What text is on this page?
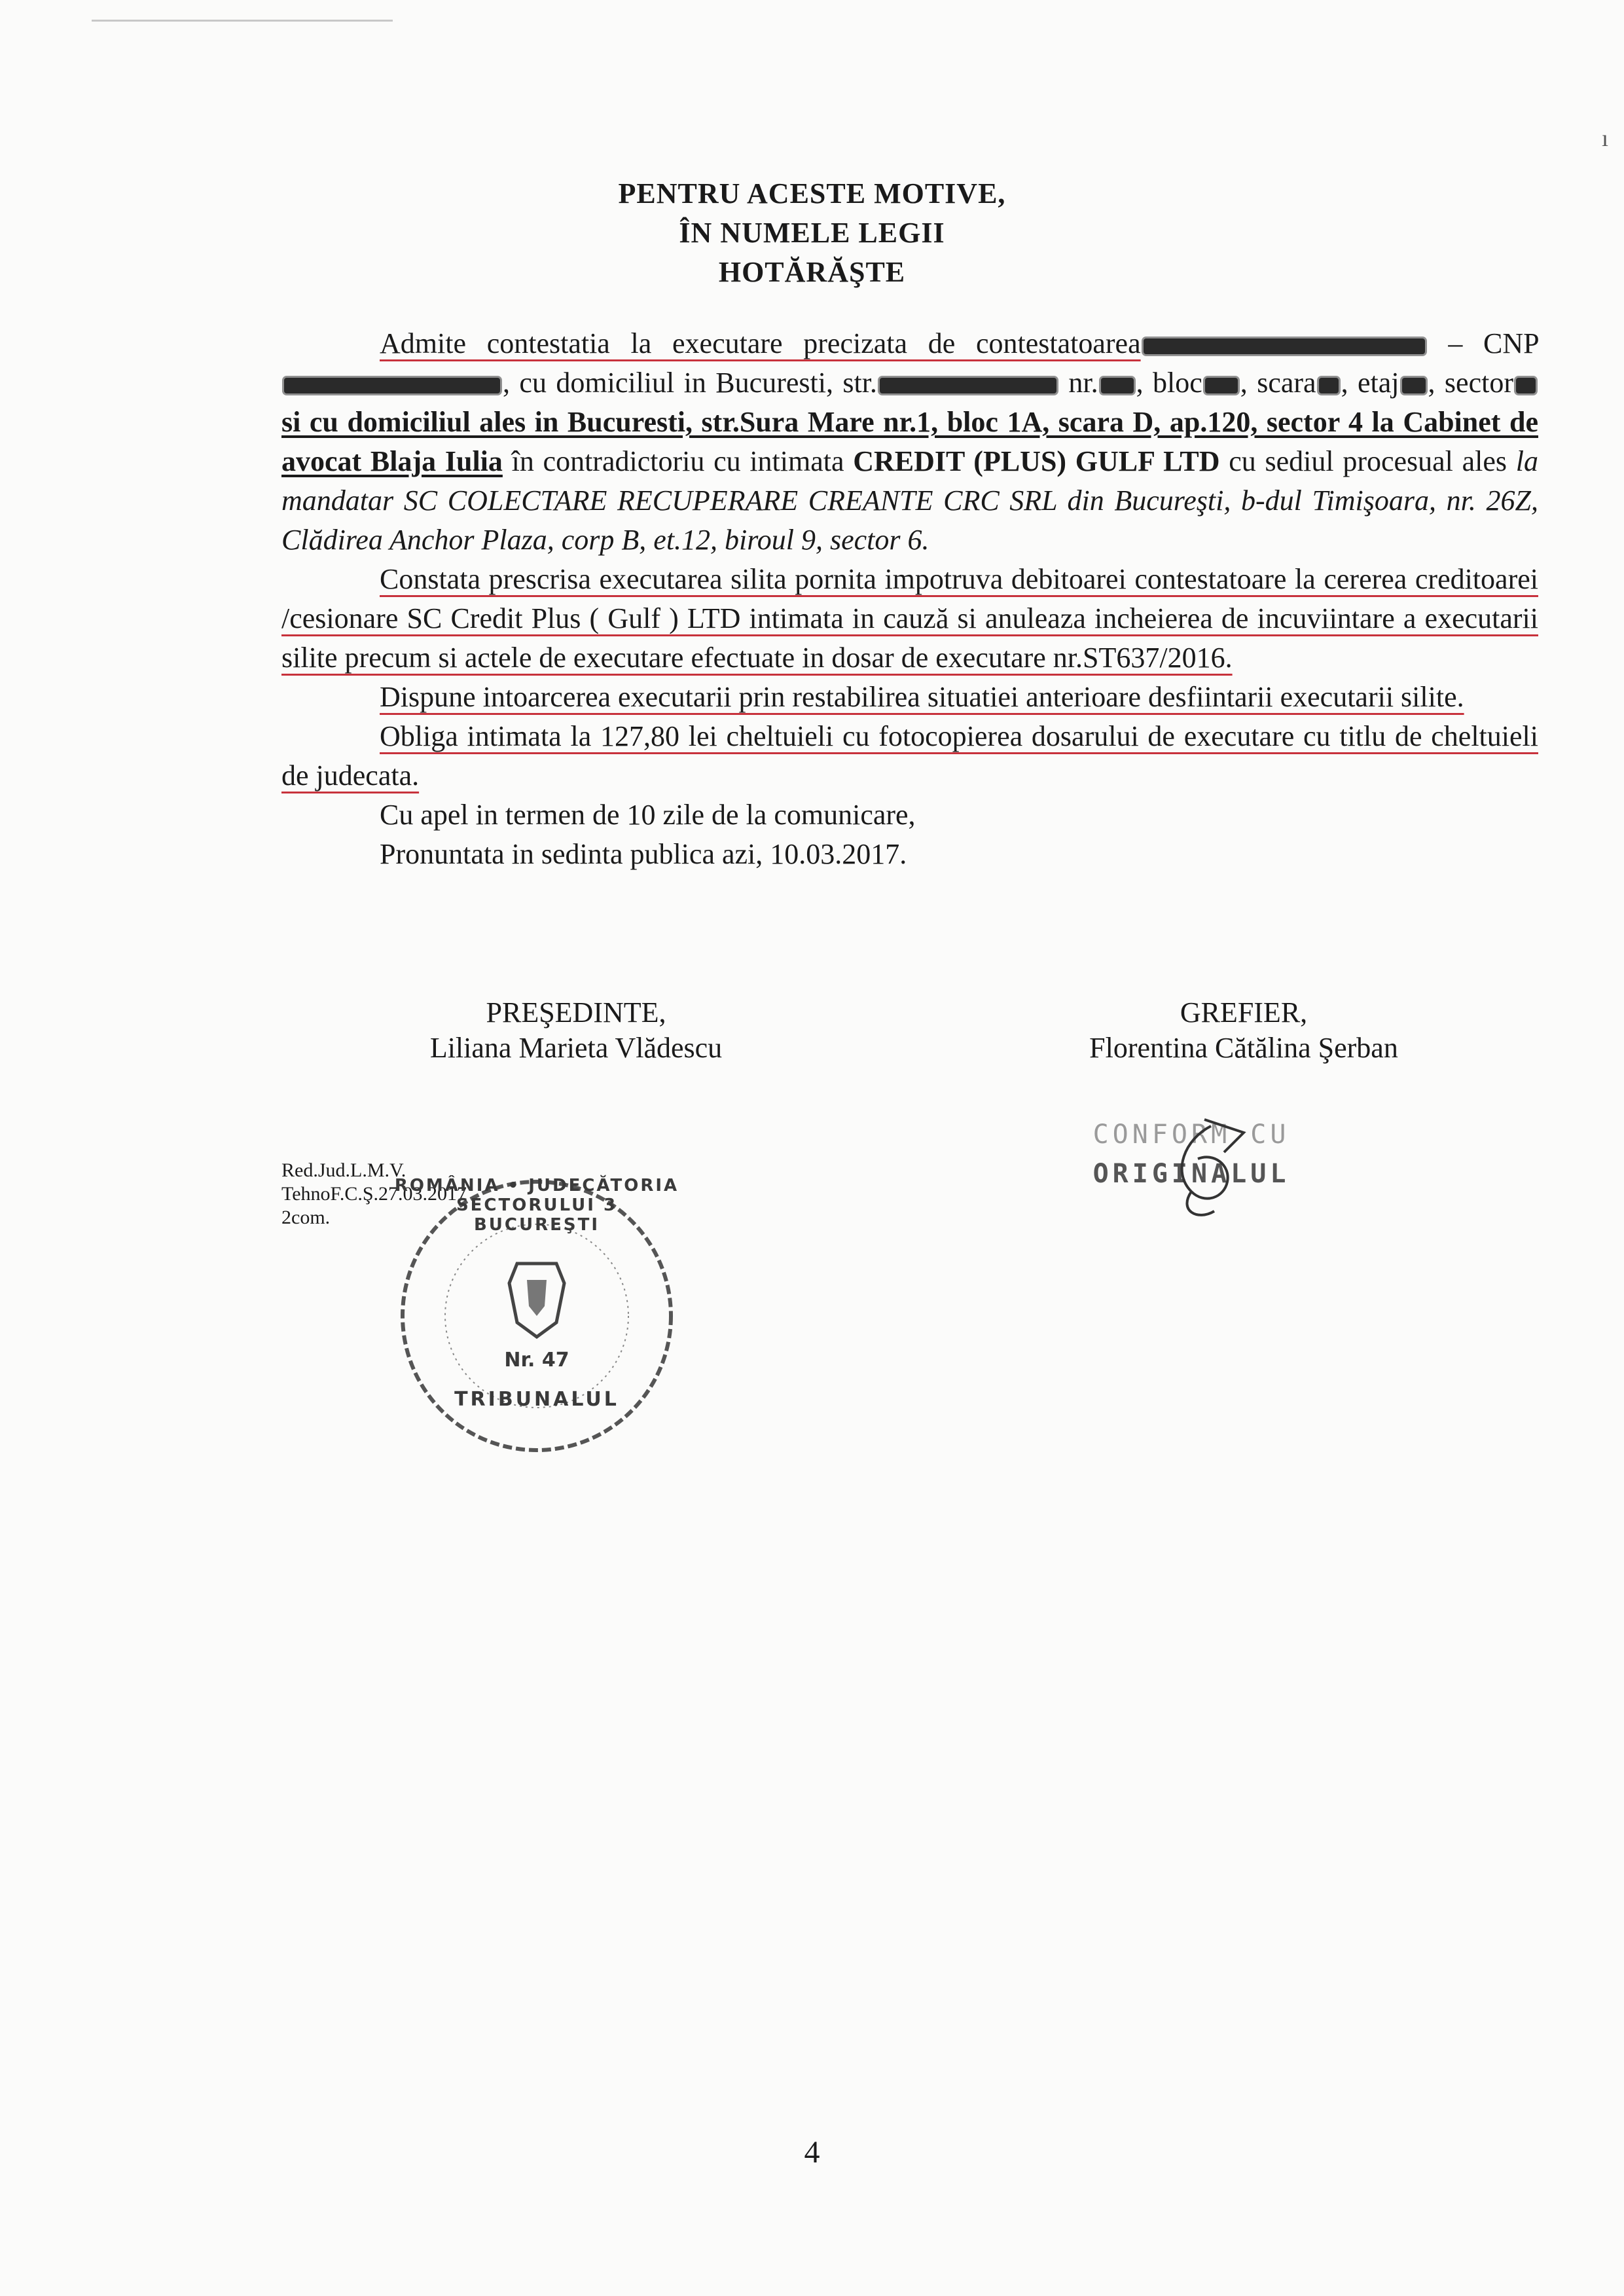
ı
PENTRU ACESTE MOTIVE,
ÎN NUMELE LEGII
HOTĂRĂŞTE

Admite contestatia la executare precizata de contestatoarea	– CNP , cu domiciliul in Bucuresti, str.	nr. , bloc , scara , etaj , sector si cu domiciliul ales in Bucuresti, str.Sura Mare nr.1, bloc 1A, scara D, ap.120, sector 4 la Cabinet de avocat Blaja Iulia în contradictoriu cu intimata CREDIT (PLUS) GULF LTD cu sediul procesual ales la mandatar SC COLECTARE RECUPERARE CREANTE CRC SRL din Bucureşti, b-dul Timişoara, nr. 26Z, Clădirea Anchor Plaza, corp B, et.12, biroul 9, sector 6.

Constata prescrisa executarea silita pornita impotruva debitoarei contestatoare la cererea creditoarei /cesionare SC Credit Plus ( Gulf ) LTD intimata in cauză si anuleaza incheierea de incuviintare a executarii silite precum si actele de executare efectuate in dosar de executare nr.ST637/2016.

Dispune intoarcerea executarii prin restabilirea situatiei anterioare desfiintarii executarii silite.

Obliga intimata la 127,80 lei cheltuieli cu fotocopierea dosarului de executare cu titlu de cheltuieli de judecata.

Cu apel in termen de 10 zile de la comunicare,

Pronuntata in sedinta publica azi, 10.03.2017.

PREŞEDINTE,
Liliana Marieta Vlădescu
GREFIER,
Florentina Cătălina Şerban
CONFORM CU
ORIGINALUL
Red.Jud.L.M.V.
TehnoF.C.Ş.27.03.2017
2com.
ROMÂNIA • JUDECĂTORIA SECTORULUI 3 BUCUREŞTI
TRIBUNALUL
Nr. 47
4
